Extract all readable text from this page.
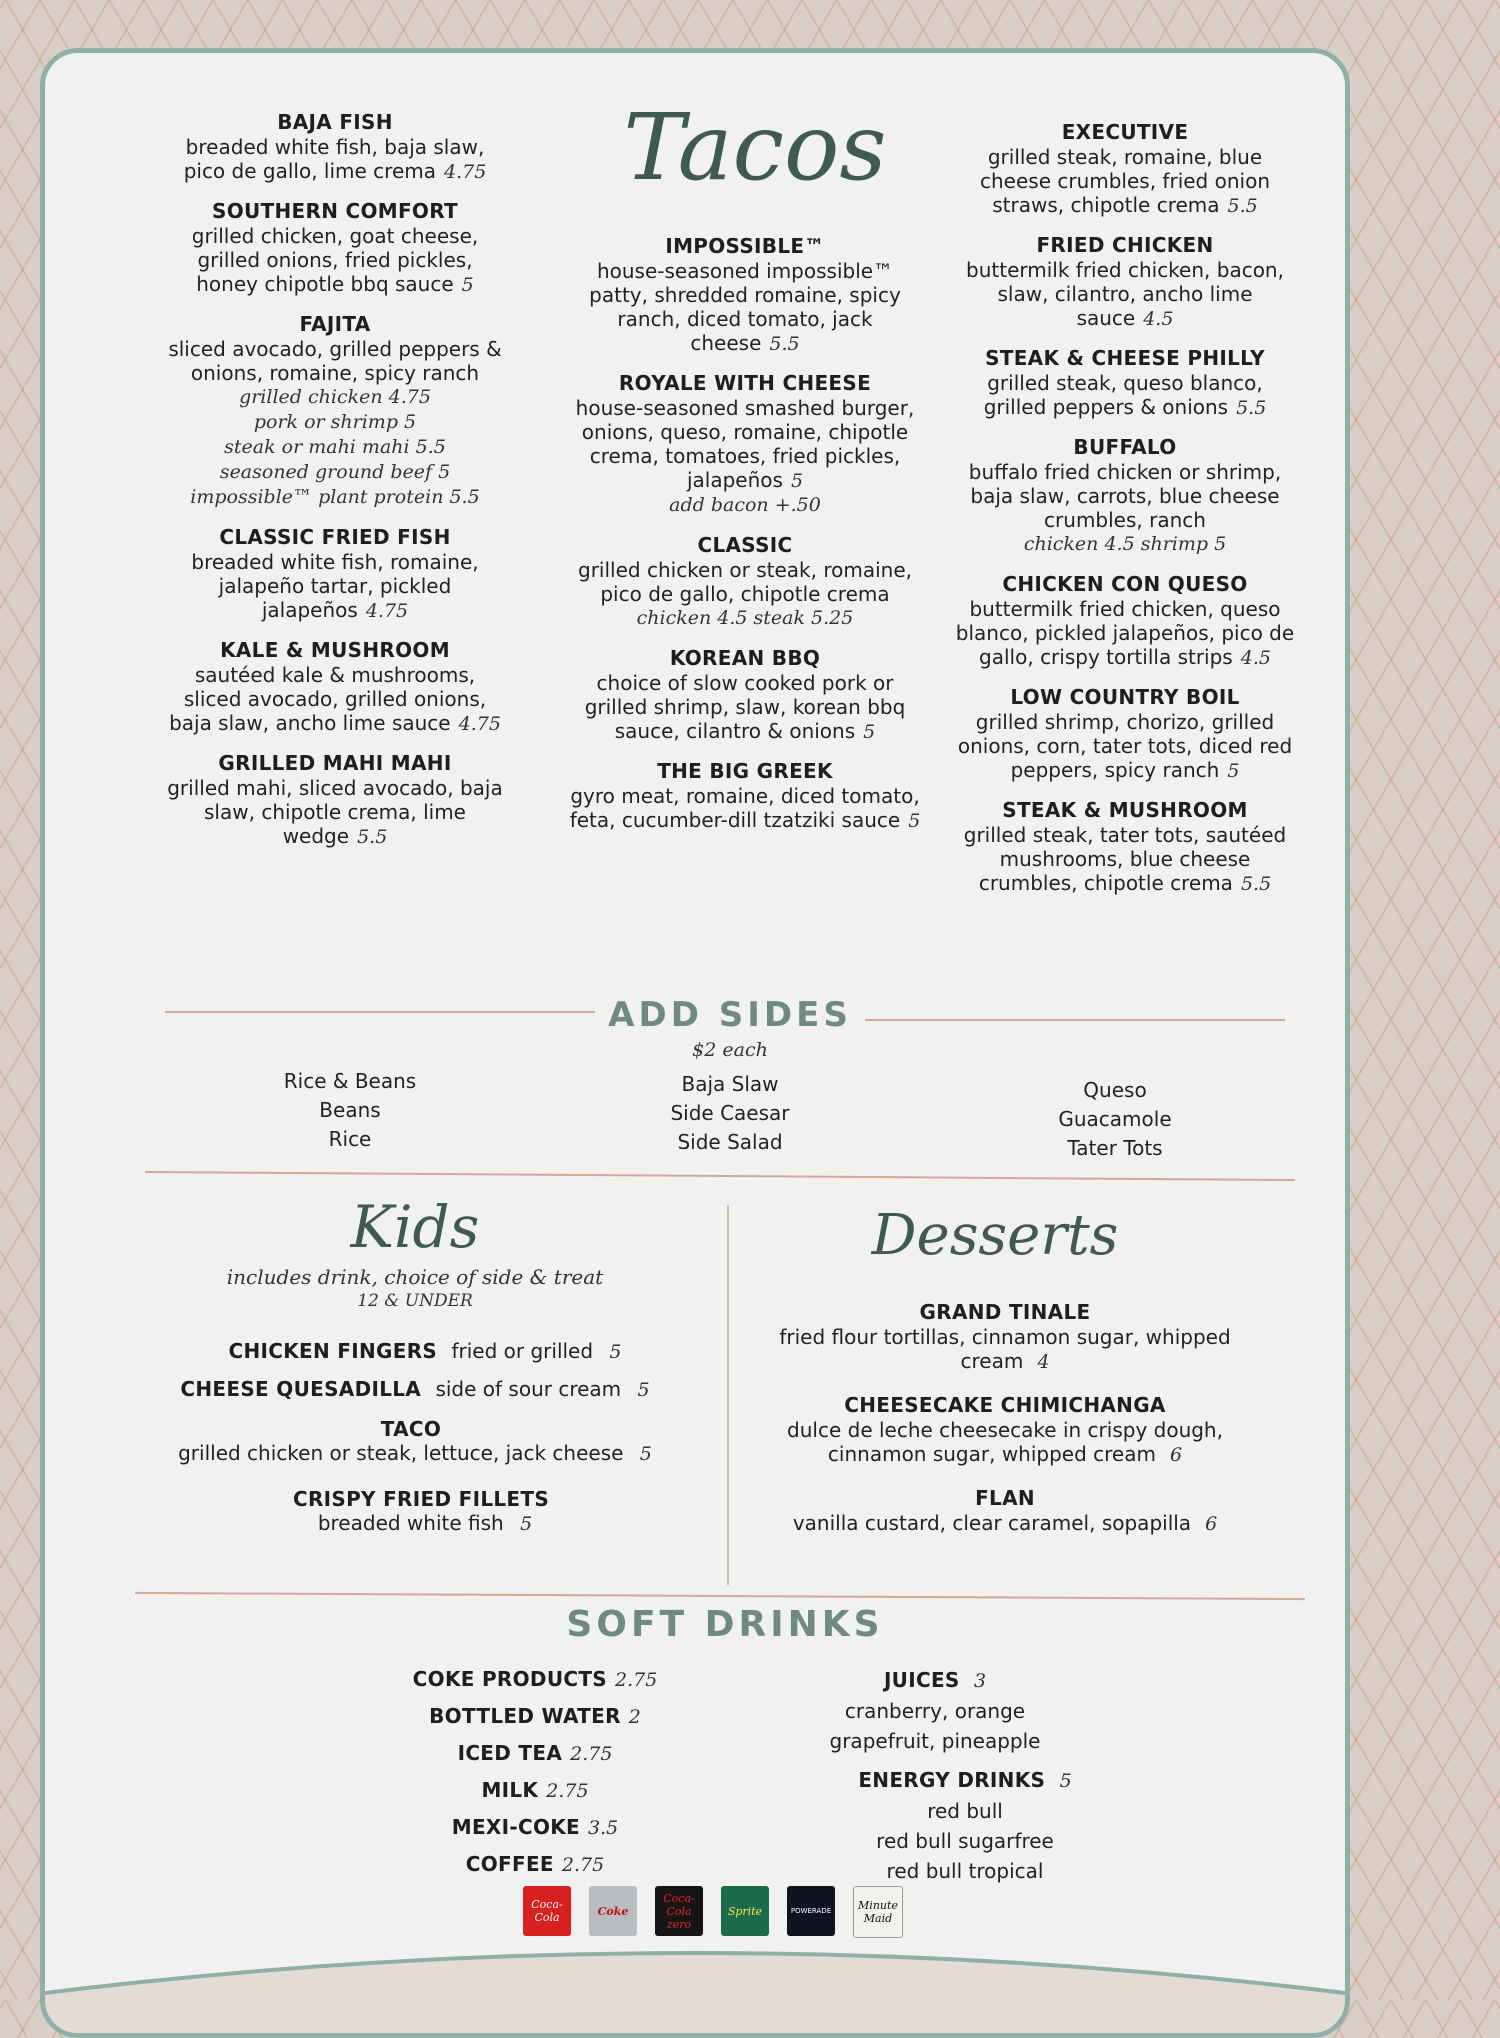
Tacos
BAJA FISH
breaded white fish, baja slaw, pico de gallo, lime crema 4.75
SOUTHERN COMFORT
grilled chicken, goat cheese, grilled onions, fried pickles, honey chipotle bbq sauce 5
FAJITA
sliced avocado, grilled peppers & onions, romaine, spicy ranch
grilled chicken 4.75
pork or shrimp 5
steak or mahi mahi 5.5
seasoned ground beef 5
impossible™ plant protein 5.5
CLASSIC FRIED FISH
breaded white fish, romaine, jalapeño tartar, pickled jalapeños 4.75
KALE & MUSHROOM
sautéed kale & mushrooms, sliced avocado, grilled onions, baja slaw, ancho lime sauce 4.75
GRILLED MAHI MAHI
grilled mahi, sliced avocado, baja slaw, chipotle crema, lime wedge 5.5
IMPOSSIBLE™
house-seasoned impossible™ patty, shredded romaine, spicy ranch, diced tomato, jack cheese 5.5
ROYALE WITH CHEESE
house-seasoned smashed burger, onions, queso, romaine, chipotle crema, tomatoes, fried pickles, jalapeños 5
add bacon +.50
CLASSIC
grilled chicken or steak, romaine, pico de gallo, chipotle crema
chicken 4.5 steak 5.25
KOREAN BBQ
choice of slow cooked pork or grilled shrimp, slaw, korean bbq sauce, cilantro & onions 5
THE BIG GREEK
gyro meat, romaine, diced tomato, feta, cucumber-dill tzatziki sauce 5
EXECUTIVE
grilled steak, romaine, blue cheese crumbles, fried onion straws, chipotle crema 5.5
FRIED CHICKEN
buttermilk fried chicken, bacon, slaw, cilantro, ancho lime sauce 4.5
STEAK & CHEESE PHILLY
grilled steak, queso blanco, grilled peppers & onions 5.5
BUFFALO
buffalo fried chicken or shrimp, baja slaw, carrots, blue cheese crumbles, ranch
chicken 4.5 shrimp 5
CHICKEN CON QUESO
buttermilk fried chicken, queso blanco, pickled jalapeños, pico de gallo, crispy tortilla strips 4.5
LOW COUNTRY BOIL
grilled shrimp, chorizo, grilled onions, corn, tater tots, diced red peppers, spicy ranch 5
STEAK & MUSHROOM
grilled steak, tater tots, sautéed mushrooms, blue cheese crumbles, chipotle crema 5.5
ADD SIDES
$2 each
Rice & Beans
Beans
Rice
Baja Slaw
Side Caesar
Side Salad
Queso
Guacamole
Tater Tots
Kids
includes drink, choice of side & treat
12 & UNDER
CHICKEN FINGERS fried or grilled 5
CHEESE QUESADILLA side of sour cream 5
TACO
grilled chicken or steak, lettuce, jack cheese 5
CRISPY FRIED FILLETS
breaded white fish 5
Desserts
GRAND TINALE
fried flour tortillas, cinnamon sugar, whipped cream 4
CHEESECAKE CHIMICHANGA
dulce de leche cheesecake in crispy dough, cinnamon sugar, whipped cream 6
FLAN
vanilla custard, clear caramel, sopapilla 6
SOFT DRINKS
COKE PRODUCTS 2.75
BOTTLED WATER 2
ICED TEA 2.75
MILK 2.75
MEXI-COKE 3.5
COFFEE 2.75
JUICES 3
cranberry, orange
grapefruit, pineapple
ENERGY DRINKS 5
red bull
red bull sugarfree
red bull tropical
Coca-Cola	Coke
Coca-Cola zero
Sprite	POWERADE	Minute Maid
